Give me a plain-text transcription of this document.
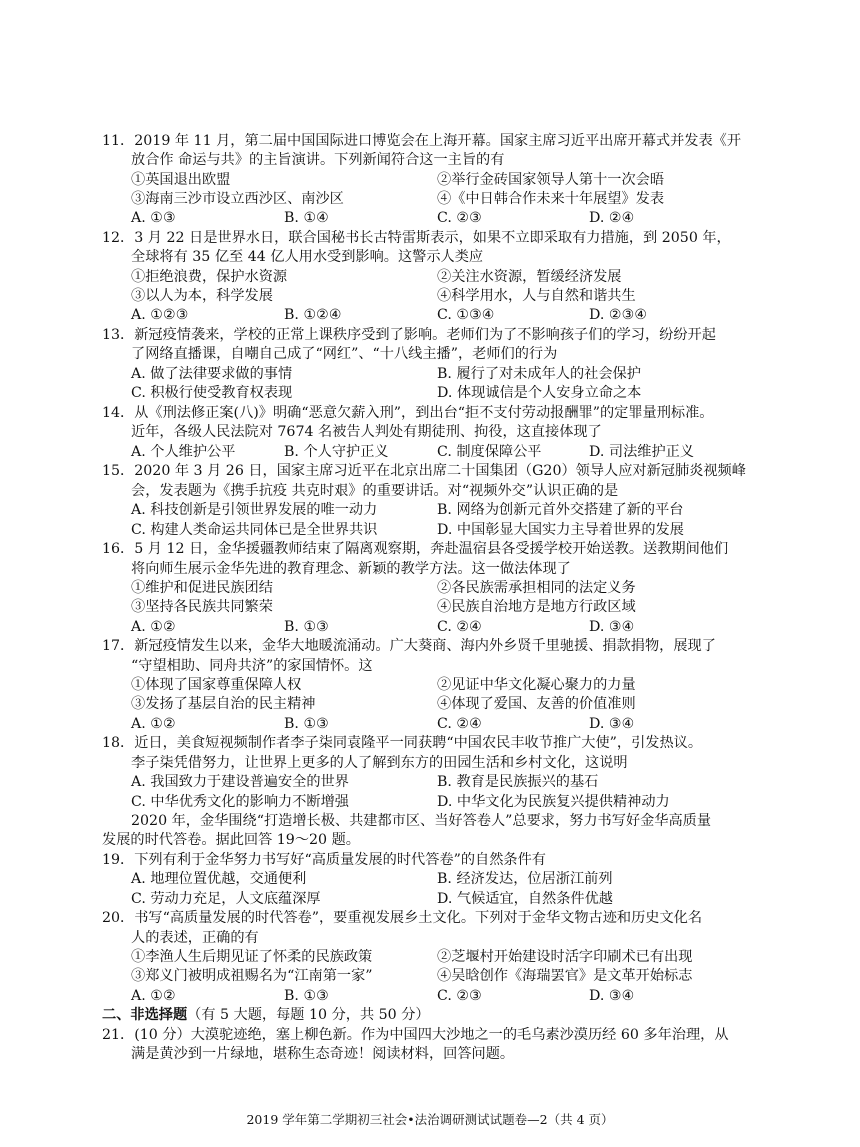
11．2019 年 11 月，第二届中国国际进口博览会在上海开幕。国家主席习近平出席开幕式并发表《开
放合作 命运与共》的主旨演讲。下列新闻符合这一主旨的有
①英国退出欧盟	②举行金砖国家领导人第十一次会晤
③海南三沙市设立西沙区、南沙区	④《中日韩合作未来十年展望》发表
A. ①③	B. ①④	C. ②③	D. ②④
12．3 月 22 日是世界水日，联合国秘书长古特雷斯表示，如果不立即采取有力措施，到 2050 年，
全球将有 35 亿至 44 亿人用水受到影响。这警示人类应
①拒绝浪费，保护水资源	②关注水资源，暂缓经济发展
③以人为本，科学发展	④科学用水，人与自然和谐共生
A. ①②③	B. ①②④	C. ①③④	D. ②③④
13．新冠疫情袭来，学校的正常上课秩序受到了影响。老师们为了不影响孩子们的学习，纷纷开起
了网络直播课，自嘲自己成了“网红”、“十八线主播”，老师们的行为
A. 做了法律要求做的事情	B. 履行了对未成年人的社会保护
C. 积极行使受教育权表现	D. 体现诚信是个人安身立命之本
14．从《刑法修正案(八)》明确“恶意欠薪入刑”，到出台“拒不支付劳动报酬罪”的定罪量刑标准。
近年，各级人民法院对 7674 名被告人判处有期徒刑、拘役，这直接体现了
A. 个人维护公平	B. 个人守护正义	C. 制度保障公平	D. 司法维护正义
15．2020 年 3 月 26 日，国家主席习近平在北京出席二十国集团（G20）领导人应对新冠肺炎视频峰
会，发表题为《携手抗疫 共克时艰》的重要讲话。对“视频外交”认识正确的是
A. 科技创新是引领世界发展的唯一动力	B. 网络为创新元首外交搭建了新的平台
C. 构建人类命运共同体已是全世界共识	D. 中国彰显大国实力主导着世界的发展
16．5 月 12 日，金华援疆教师结束了隔离观察期，奔赴温宿县各受援学校开始送教。送教期间他们
将向师生展示金华先进的教育理念、新颖的教学方法。这一做法体现了
①维护和促进民族团结	②各民族需承担相同的法定义务
③坚持各民族共同繁荣	④民族自治地方是地方行政区域
A. ①②	B. ①③	C. ②④	D. ③④
17．新冠疫情发生以来，金华大地暖流涌动。广大葵商、海内外乡贤千里驰援、捐款捐物，展现了
“守望相助、同舟共济”的家国情怀。这
①体现了国家尊重保障人权	②见证中华文化凝心聚力的力量
③发扬了基层自治的民主精神	④体现了爱国、友善的价值准则
A. ①②	B. ①③	C. ②④	D. ③④
18．近日，美食短视频制作者李子柒同袁隆平一同获聘“中国农民丰收节推广大使”，引发热议。
李子柒凭借努力，让世界上更多的人了解到东方的田园生活和乡村文化，这说明
A. 我国致力于建设普遍安全的世界	B. 教育是民族振兴的基石
C. 中华优秀文化的影响力不断增强	D. 中华文化为民族复兴提供精神动力
2020 年，金华围绕“打造增长极、共建都市区、当好答卷人”总要求，努力书写好金华高质量
发展的时代答卷。据此回答 19～20 题。
19．下列有利于金华努力书写好“高质量发展的时代答卷”的自然条件有
A. 地理位置优越，交通便利	B. 经济发达，位居浙江前列
C. 劳动力充足，人文底蕴深厚	D. 气候适宜，自然条件优越
20．书写“高质量发展的时代答卷”，要重视发展乡土文化。下列对于金华文物古迹和历史文化名
人的表述，正确的有
①李渔人生后期见证了怀柔的民族政策	②芝堰村开始建设时活字印刷术已有出现
③郑义门被明成祖赐名为“江南第一家”	④吴晗创作《海瑞罢官》是文革开始标志
A. ①②	B. ①③	C. ②③	D. ③④
二、非选择题（有 5 大题，每题 10 分，共 50 分）
21．(10 分）大漠驼迹绝，塞上柳色新。作为中国四大沙地之一的毛乌素沙漠历经 60 多年治理，从
满是黄沙到一片绿地，堪称生态奇迹！阅读材料，回答问题。
2019 学年第二学期初三社会•法治调研测试试题卷—2（共 4 页）
